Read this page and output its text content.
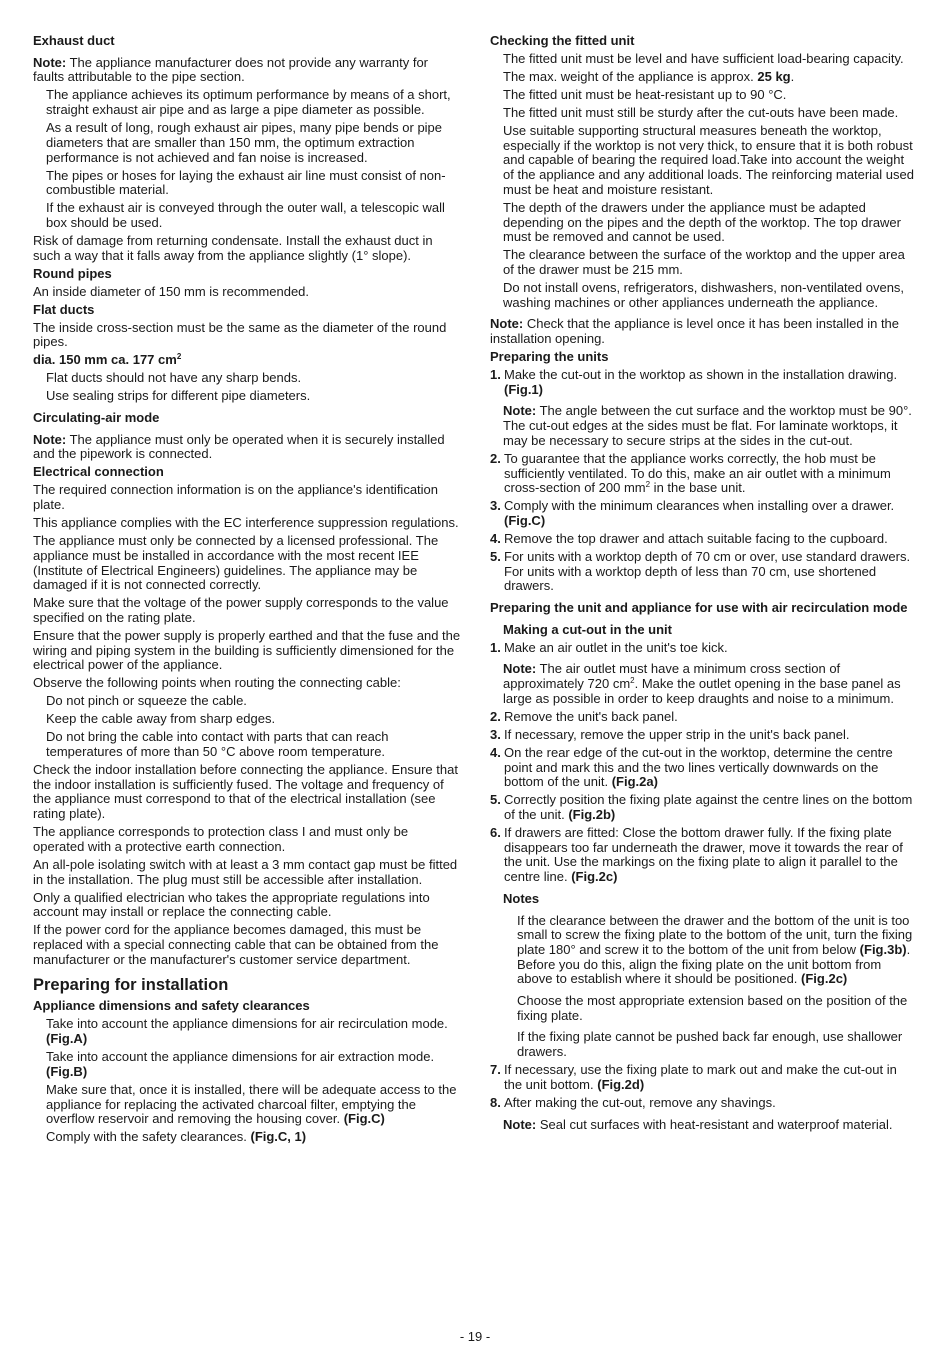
Exhaust duct
Note: The appliance manufacturer does not provide any warranty for faults attributable to the pipe section.
The appliance achieves its optimum performance by means of a short, straight exhaust air pipe and as large a pipe diameter as possible.
As a result of long, rough exhaust air pipes, many pipe bends or pipe diameters that are smaller than 150 mm, the optimum extraction performance is not achieved and fan noise is increased.
The pipes or hoses for laying the exhaust air line must consist of non-combustible material.
If the exhaust air is conveyed through the outer wall, a telescopic wall box should be used.
Risk of damage from returning condensate. Install the exhaust duct in such a way that it falls away from the appliance slightly (1° slope).
Round pipes
An inside diameter of 150 mm is recommended.
Flat ducts
The inside cross-section must be the same as the diameter of the round pipes.
dia. 150 mm ca. 177 $cm^2$
Flat ducts should not have any sharp bends.
Use sealing strips for different pipe diameters.
Circulating-air mode
Note: The appliance must only be operated when it is securely installed and the pipework is connected.
Electrical connection
The required connection information is on the appliance's identification plate.
This appliance complies with the EC interference suppression regulations.
The appliance must only be connected by a licensed professional. The appliance must be installed in accordance with the most recent IEE (Institute of Electrical Engineers) guidelines. The appliance may be damaged if it is not connected correctly.
Make sure that the voltage of the power supply corresponds to the value specified on the rating plate.
Ensure that the power supply is properly earthed and that the fuse and the wiring and piping system in the building is sufficiently dimensioned for the electrical power of the appliance.
Observe the following points when routing the connecting cable:
Do not pinch or squeeze the cable.
Keep the cable away from sharp edges.
Do not bring the cable into contact with parts that can reach temperatures of more than 50 °C above room temperature.
Check the indoor installation before connecting the appliance. Ensure that the indoor installation is sufficiently fused. The voltage and frequency of the appliance must correspond to that of the electrical installation (see rating plate).
The appliance corresponds to protection class I and must only be operated with a protective earth connection.
An all-pole isolating switch with at least a 3 mm contact gap must be fitted in the installation. The plug must still be accessible after installation.
Only a qualified electrician who takes the appropriate regulations into account may install or replace the connecting cable.
If the power cord for the appliance becomes damaged, this must be replaced with a special connecting cable that can be obtained from the manufacturer or the manufacturer's customer service department.
Preparing for installation
Appliance dimensions and safety clearances
Take into account the appliance dimensions for air recirculation mode. (Fig.A)
Take into account the appliance dimensions for air extraction mode. (Fig.B)
Make sure that, once it is installed, there will be adequate access to the appliance for replacing the activated charcoal filter, emptying the overflow reservoir and removing the housing cover. (Fig.C)
Comply with the safety clearances. (Fig.C, 1)
Checking the fitted unit
The fitted unit must be level and have sufficient load-bearing capacity.
The max. weight of the appliance is approx. 25 kg.
The fitted unit must be heat-resistant up to 90 °C.
The fitted unit must still be sturdy after the cut-outs have been made.
Use suitable supporting structural measures beneath the worktop, especially if the worktop is not very thick, to ensure that it is both robust and capable of bearing the required load.Take into account the weight of the appliance and any additional loads. The reinforcing material used must be heat and moisture resistant.
The depth of the drawers under the appliance must be adapted depending on the pipes and the depth of the worktop. The top drawer must be removed and cannot be used.
The clearance between the surface of the worktop and the upper area of the drawer must be 215 mm.
Do not install ovens, refrigerators, dishwashers, non-ventilated ovens, washing machines or other appliances underneath the appliance.
Note: Check that the appliance is level once it has been installed in the installation opening.
Preparing the units
1. Make the cut-out in the worktop as shown in the installation drawing. (Fig.1)
Note: The angle between the cut surface and the worktop must be 90°. The cut-out edges at the sides must be flat. For laminate worktops, it may be necessary to secure strips at the sides in the cut-out.
2. To guarantee that the appliance works correctly, the hob must be sufficiently ventilated. To do this, make an air outlet with a minimum cross-section of 200 $mm^2$ in the base unit.
3. Comply with the minimum clearances when installing over a drawer. (Fig.C)
4. Remove the top drawer and attach suitable facing to the cupboard.
5. For units with a worktop depth of 70 cm or over, use standard drawers. For units with a worktop depth of less than 70 cm, use shortened drawers.
Preparing the unit and appliance for use with air recirculation mode
Making a cut-out in the unit
1. Make an air outlet in the unit's toe kick.
Note: The air outlet must have a minimum cross section of approximately 720 $cm^2$. Make the outlet opening in the base panel as large as possible in order to keep draughts and noise to a minimum.
2. Remove the unit's back panel.
3. If necessary, remove the upper strip in the unit's back panel.
4. On the rear edge of the cut-out in the worktop, determine the centre point and mark this and the two lines vertically downwards on the bottom of the unit. (Fig.2a)
5. Correctly position the fixing plate against the centre lines on the bottom of the unit. (Fig.2b)
6. If drawers are fitted: Close the bottom drawer fully. If the fixing plate disappears too far underneath the drawer, move it towards the rear of the unit. Use the markings on the fixing plate to align it parallel to the centre line. (Fig.2c)
Notes
If the clearance between the drawer and the bottom of the unit is too small to screw the fixing plate to the bottom of the unit, turn the fixing plate 180° and screw it to the bottom of the unit from below (Fig.3b). Before you do this, align the fixing plate on the unit bottom from above to establish where it should be positioned. (Fig.2c)
Choose the most appropriate extension based on the position of the fixing plate.
If the fixing plate cannot be pushed back far enough, use shallower drawers.
7. If necessary, use the fixing plate to mark out and make the cut-out in the unit bottom. (Fig.2d)
8. After making the cut-out, remove any shavings.
Note: Seal cut surfaces with heat-resistant and waterproof material.
- 19 -
